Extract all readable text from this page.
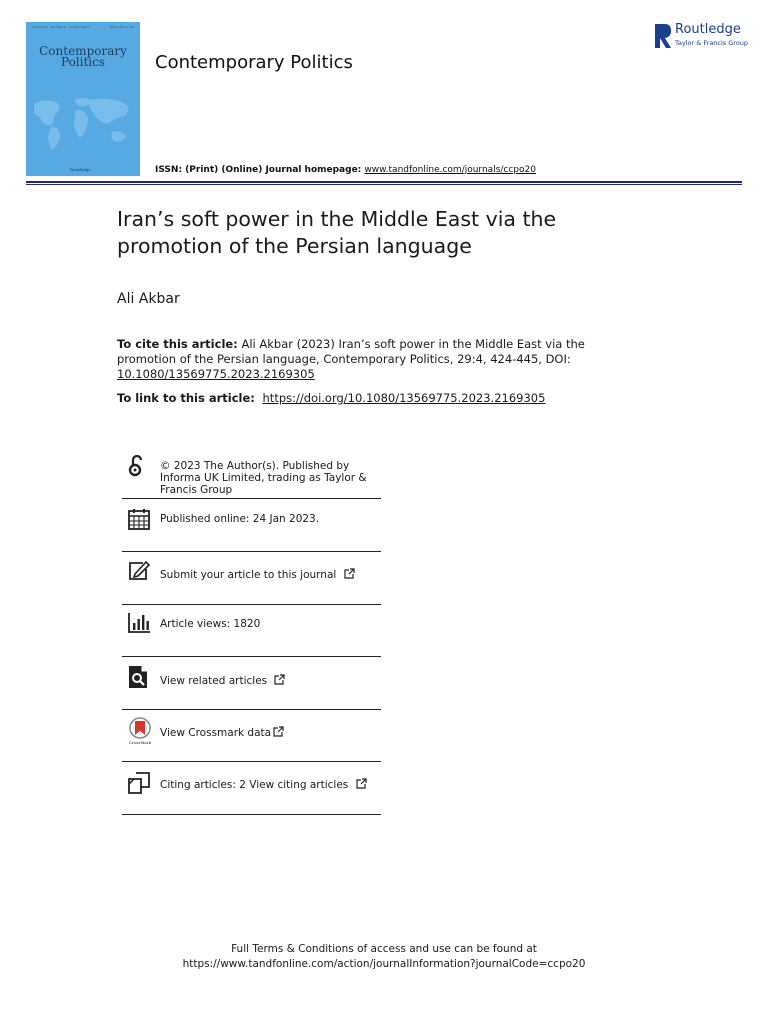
Volume 29 · Number 4 · October 2023	ISSN 1356-9775
Contemporary
Politics
Routledge
Contemporary Politics
Routledge
Taylor & Francis Group
ISSN: (Print) (Online) Journal homepage: www.tandfonline.com/journals/ccpo20
Iran’s soft power in the Middle East via the
promotion of the Persian language
Ali Akbar
To cite this article: Ali Akbar (2023) Iran’s soft power in the Middle East via the promotion of the Persian language, Contemporary Politics, 29:4, 424-445, DOI: 10.1080/13569775.2023.2169305
To link to this article:  https://doi.org/10.1080/13569775.2023.2169305
© 2023 The Author(s). Published by Informa UK Limited, trading as Taylor & Francis Group
Published online: 24 Jan 2023.
Submit your article to this journal
Article views: 1820
View related articles
CrossMark
View Crossmark data
Citing articles: 2 View citing articles
Full Terms & Conditions of access and use can be found at
https://www.tandfonline.com/action/journalInformation?journalCode=ccpo20
